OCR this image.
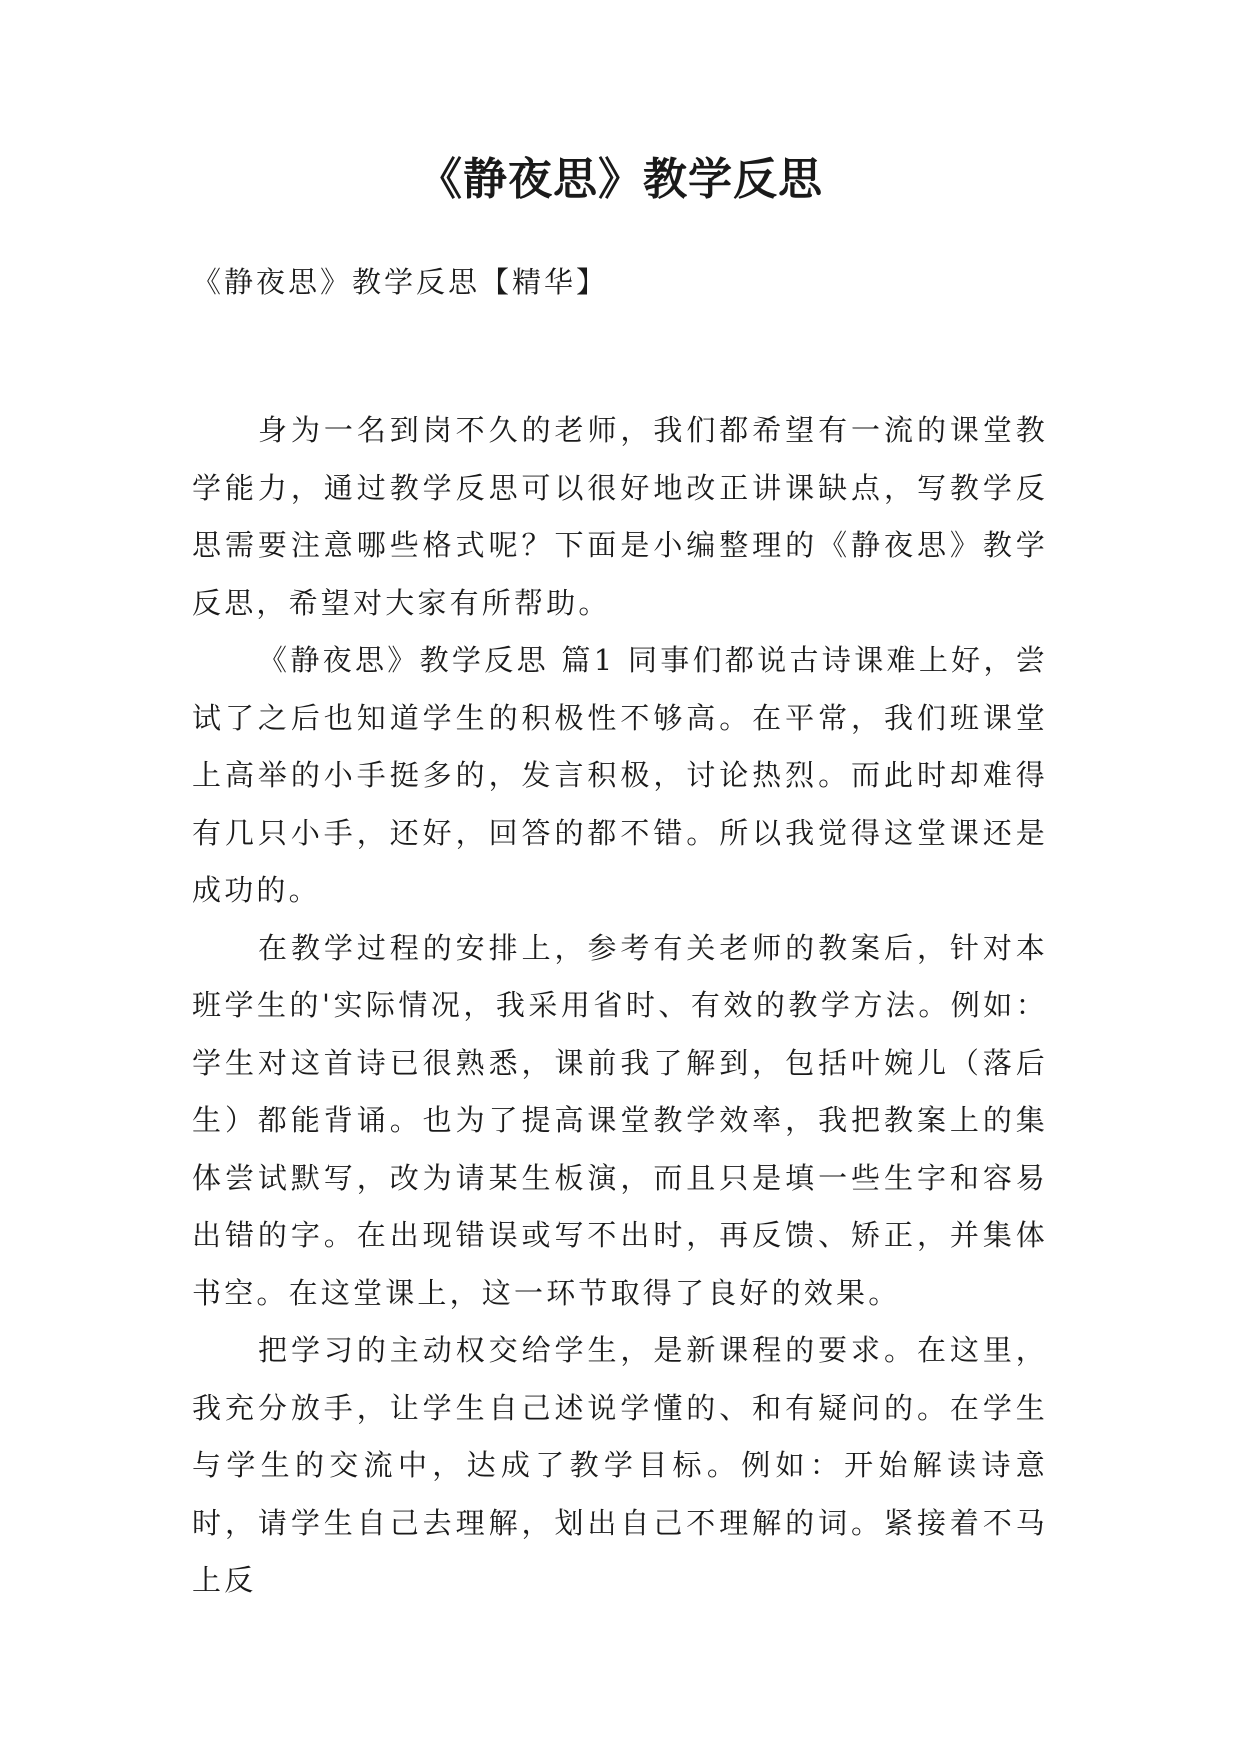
《静夜思》教学反思

《静夜思》教学反思【精华】

身为一名到岗不久的老师，我们都希望有一流的课堂教学能力，通过教学反思可以很好地改正讲课缺点，写教学反思需要注意哪些格式呢？下面是小编整理的《静夜思》教学反思，希望对大家有所帮助。

《静夜思》教学反思 篇1 同事们都说古诗课难上好，尝试了之后也知道学生的积极性不够高。在平常，我们班课堂上高举的小手挺多的，发言积极，讨论热烈。而此时却难得有几只小手，还好，回答的都不错。所以我觉得这堂课还是成功的。

在教学过程的安排上，参考有关老师的教案后，针对本班学生的'实际情况，我采用省时、有效的教学方法。例如：学生对这首诗已很熟悉，课前我了解到，包括叶婉儿（落后生）都能背诵。也为了提高课堂教学效率，我把教案上的集体尝试默写，改为请某生板演，而且只是填一些生字和容易出错的字。在出现错误或写不出时，再反馈、矫正，并集体书空。在这堂课上，这一环节取得了良好的效果。

把学习的主动权交给学生，是新课程的要求。在这里，我充分放手，让学生自己述说学懂的、和有疑问的。在学生与学生的交流中，达成了教学目标。例如：开始解读诗意时，请学生自己去理解，划出自己不理解的词。紧接着不马上反
